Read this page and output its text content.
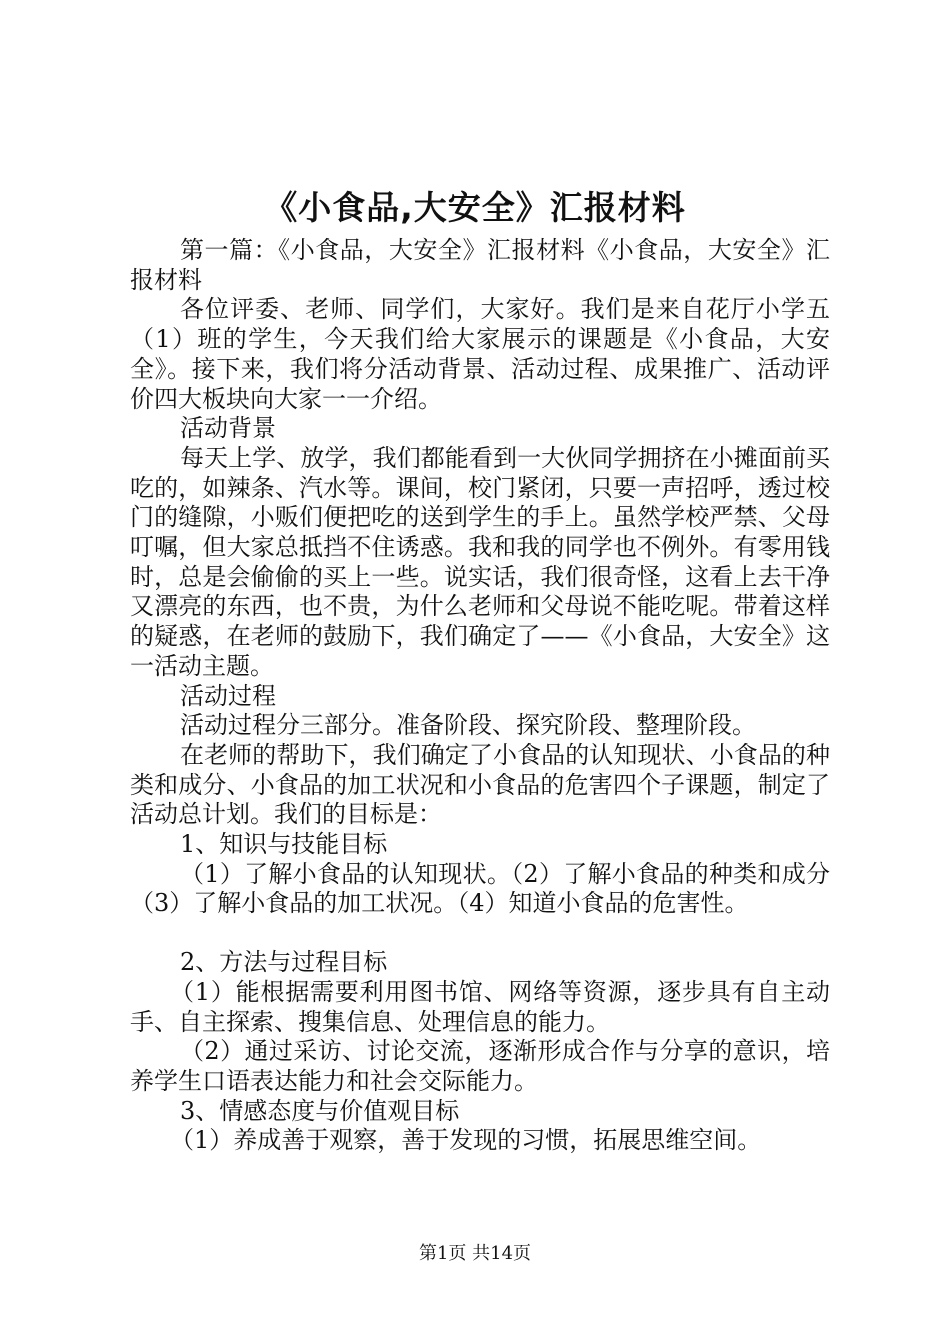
《小食品,大安全》汇报材料

第一篇：《小食品，大安全》汇报材料《小食品，大安全》汇报材料

各位评委、老师、同学们，大家好。我们是来自花厅小学五（1）班的学生，今天我们给大家展示的课题是《小食品，大安全》。接下来，我们将分活动背景、活动过程、成果推广、活动评价四大板块向大家一一介绍。

活动背景

每天上学、放学，我们都能看到一大伙同学拥挤在小摊面前买吃的，如辣条、汽水等。课间，校门紧闭，只要一声招呼，透过校门的缝隙，小贩们便把吃的送到学生的手上。虽然学校严禁、父母叮嘱，但大家总抵挡不住诱惑。我和我的同学也不例外。有零用钱时，总是会偷偷的买上一些。说实话，我们很奇怪，这看上去干净又漂亮的东西，也不贵，为什么老师和父母说不能吃呢。带着这样的疑惑，在老师的鼓励下，我们确定了——《小食品，大安全》这一活动主题。

活动过程

活动过程分三部分。准备阶段、探究阶段、整理阶段。

在老师的帮助下，我们确定了小食品的认知现状、小食品的种类和成分、小食品的加工状况和小食品的危害四个子课题，制定了活动总计划。我们的目标是：

1、知识与技能目标

（1）了解小食品的认知现状。（2）了解小食品的种类和成分（3）了解小食品的加工状况。（4）知道小食品的危害性。

2、方法与过程目标

（1）能根据需要利用图书馆、网络等资源，逐步具有自主动手、自主探索、搜集信息、处理信息的能力。

（2）通过采访、讨论交流，逐渐形成合作与分享的意识，培养学生口语表达能力和社会交际能力。

3、情感态度与价值观目标

（1）养成善于观察，善于发现的习惯，拓展思维空间。

第1页 共14页
